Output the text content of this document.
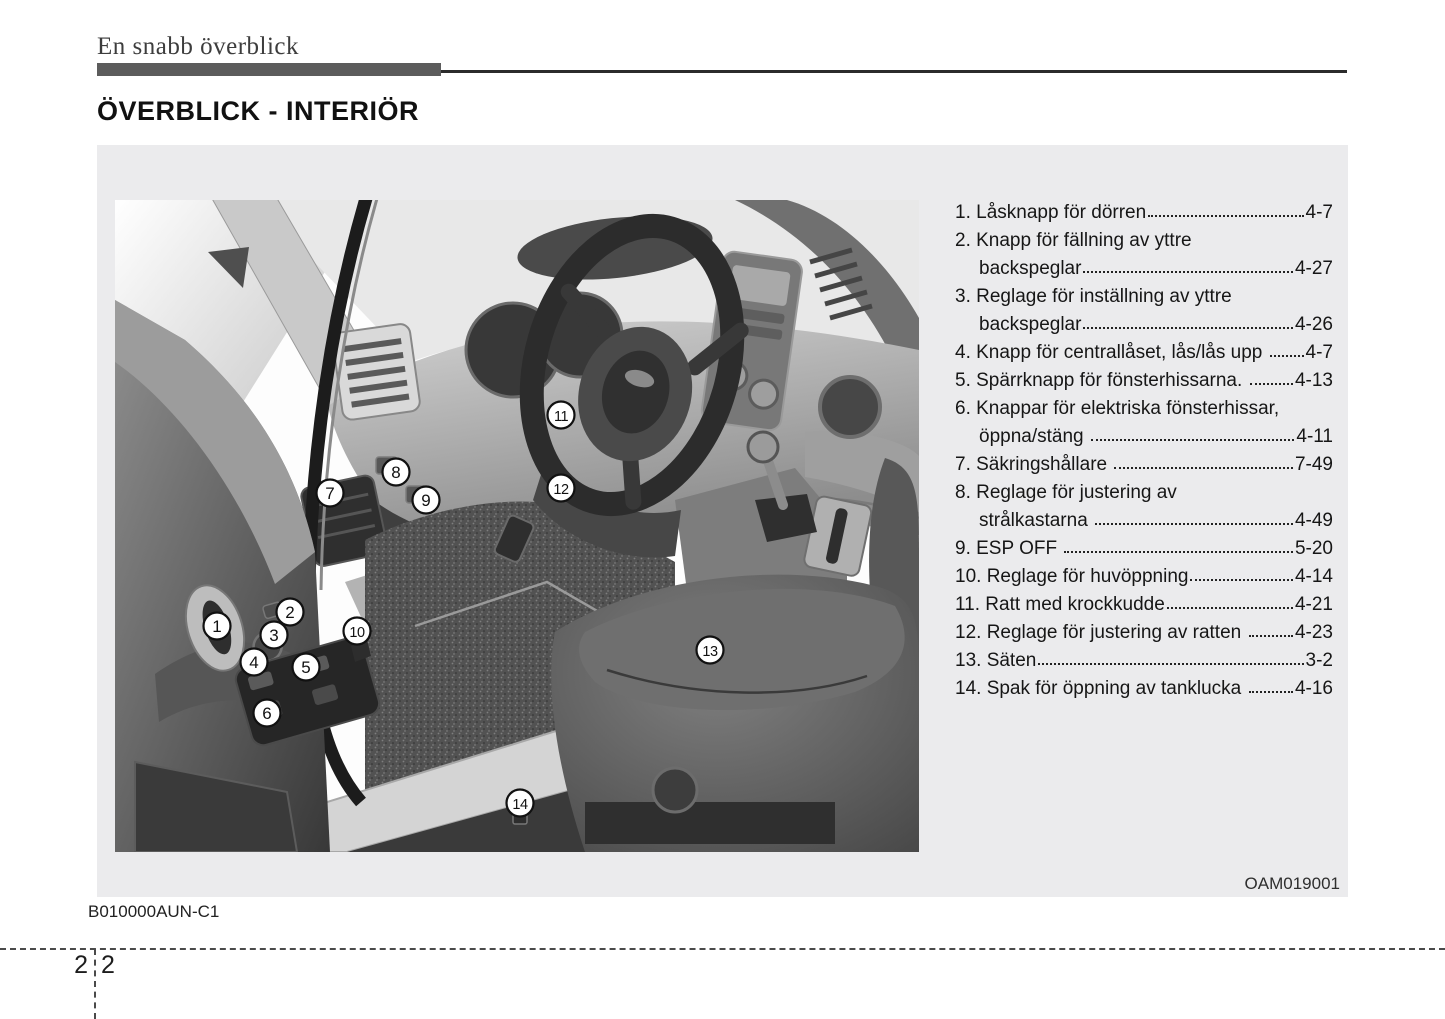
En snabb överblick
ÖVERBLICK - INTERIÖR
1
2
3
4	5
6
7
8
9
10
11
12
13
14
1. Låsknapp för dörren	4-7
2. Knapp för fällning av yttre
backspeglar	4-27
3. Reglage för inställning av yttre
backspeglar	4-26
4. Knapp för centrallåset, lås/lås upp 4-7
5. Spärrknapp för fönsterhissarna. 4-13
6. Knappar för elektriska fönsterhissar,
öppna/stäng	4-11
7. Säkringshållare	7-49
8. Reglage för justering av
strålkastarna	4-49
9. ESP OFF	5-20
10. Reglage för huvöppning	4-14
11. Ratt med krockkudde	4-21
12. Reglage för justering av ratten	4-23
13. Säten	3-2
14. Spak för öppning av tanklucka	4-16
OAM019001
B010000AUN-C1
2 2
